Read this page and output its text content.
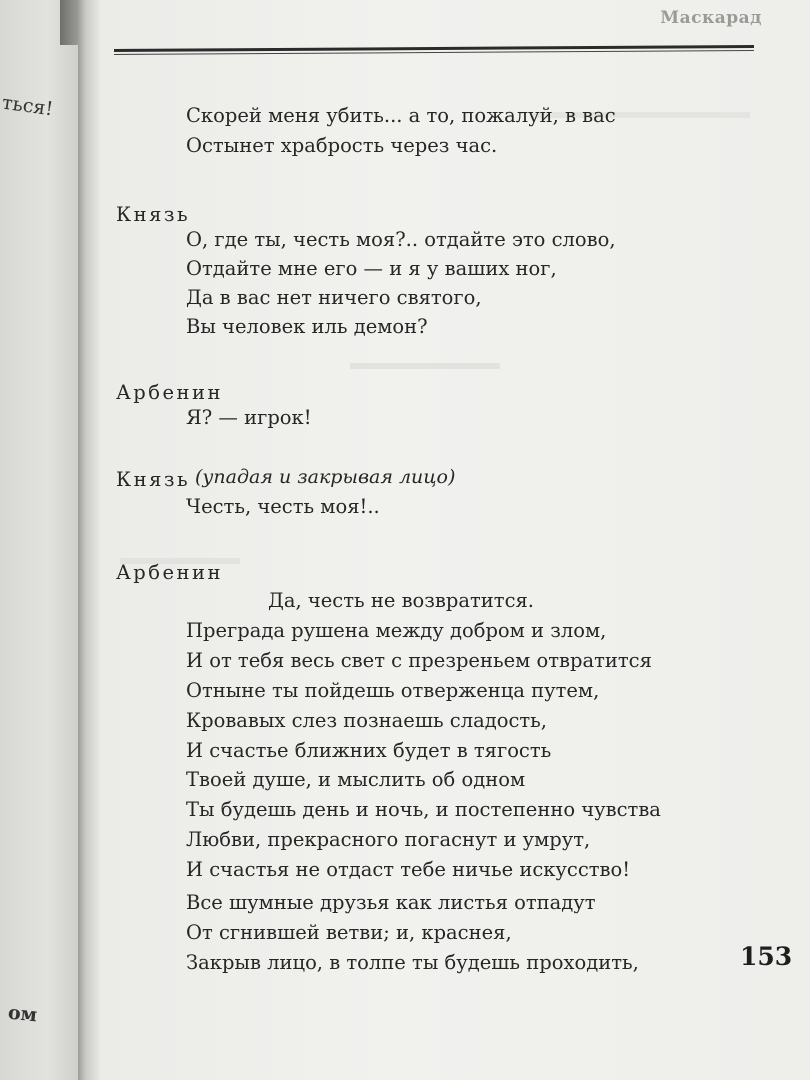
ться!
ом
Маскарад
Скорей меня убить... а то, пожалуй, в вас
Остынет храбрость через час.
Князь
О, где ты, честь моя?.. отдайте это слово,
Отдайте мне его — и я у ваших ног,
Да в вас нет ничего святого,
Вы человек иль демон?
Арбенин
Я? — игрок!
Князь (упадая и закрывая лицо)
Честь, честь моя!..
Арбенин
Да, честь не возвратится.
Преграда рушена между добром и злом,
И от тебя весь свет с презреньем отвратится
Отныне ты пойдешь отверженца путем,
Кровавых слез познаешь сладость,
И счастье ближних будет в тягость
Твоей душе, и мыслить об одном
Ты будешь день и ночь, и постепенно чувства
Любви, прекрасного погаснут и умрут,
И счастья не отдаст тебе ничье искусство!
Все шумные друзья как листья отпадут
От сгнившей ветви; и, краснея,
Закрыв лицо, в толпе ты будешь проходить,	153
